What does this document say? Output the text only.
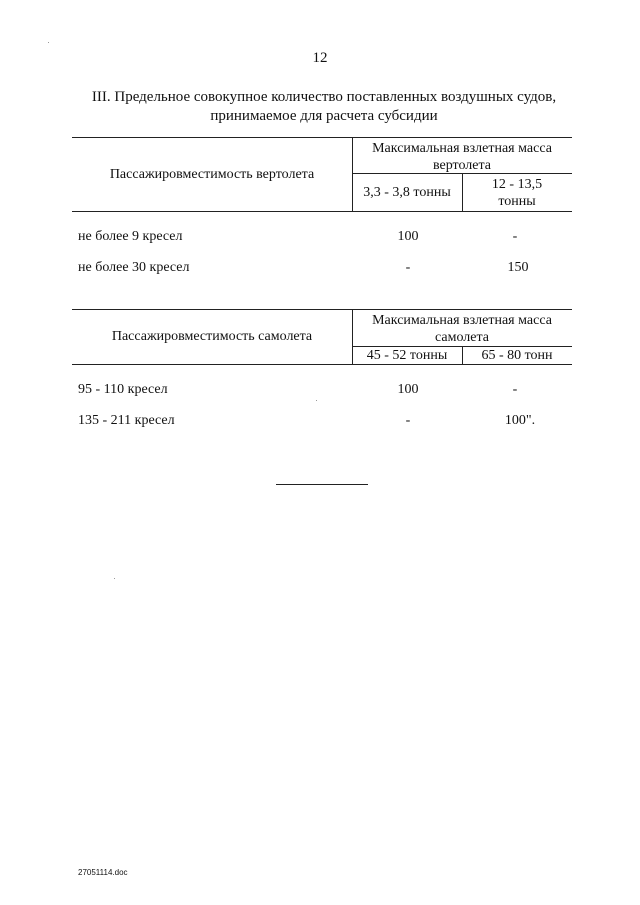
12
III. Предельное совокупное количество поставленных воздушных судов,
принимаемое для расчета субсидии
Пассажировместимость вертолета
Максимальная взлетная масса
вертолета
3,3 - 3,8 тонны
12 - 13,5
тонны
не более 9 кресел	100	-
не более 30 кресел	-	150
Пассажировместимость самолета
Максимальная взлетная масса
самолета
45 - 52 тонны	65 - 80 тонн
95 - 110 кресел	100	-
135 - 211 кресел	-	100".
27051114.doc
